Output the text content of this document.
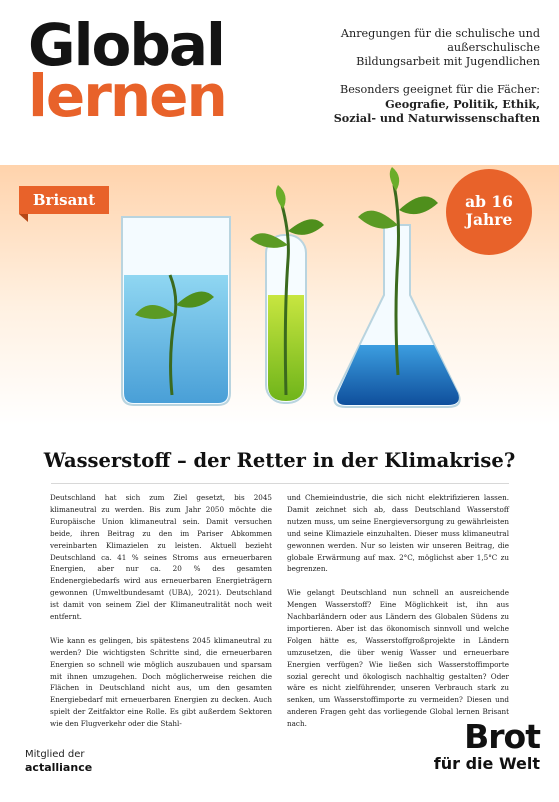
Global
lernen
Anregungen für die schulische und außerschulische
Bildungsarbeit mit Jugendlichen
Besonders geeignet für die Fächer:
Geografie, Politik, Ethik,
Sozial- und Naturwissenschaften
Brisant	ab 16
Jahre
Wasserstoff – der Retter in der Klimakrise?

Deutschland hat sich zum Ziel gesetzt, bis 2045 klimaneutral zu werden. Bis zum Jahr 2050 möchte die Europäische Union klimaneutral sein. Damit versuchen beide, ihren Beitrag zu den im Pariser Abkommen vereinbarten Klimazielen zu leisten. Aktuell bezieht Deutschland ca. 41 % seines Stroms aus erneuerbaren Energien, aber nur ca. 20 % des gesamten Endenergiebedarfs wird aus erneuerbaren Energieträgern gewonnen (Umweltbundesamt (UBA), 2021). Deutschland ist damit von seinem Ziel der Klimaneutralität noch weit entfernt.

Wie kann es gelingen, bis spätestens 2045 klimaneutral zu werden? Die wichtigsten Schritte sind, die erneuerbaren Energien so schnell wie möglich auszubauen und sparsam mit ihnen umzugehen. Doch möglicherweise reichen die Flächen in Deutschland nicht aus, um den gesamten Energiebedarf mit erneuerbaren Energien zu decken. Auch spielt der Zeitfaktor eine Rolle. Es gibt außerdem Sektoren wie den Flugverkehr oder die Stahl-

und Chemieindustrie, die sich nicht elektrifizieren lassen. Damit zeichnet sich ab, dass Deutschland Wasserstoff nutzen muss, um seine Energieversorgung zu gewährleisten und seine Klimaziele einzuhalten. Dieser muss klimaneutral gewonnen werden. Nur so leisten wir unseren Beitrag, die globale Erwärmung auf max. 2°C, möglichst aber 1,5°C zu begrenzen.

Wie gelangt Deutschland nun schnell an ausreichende Mengen Wasserstoff? Eine Möglichkeit ist, ihn aus Nachbarländern oder aus Ländern des Globalen Südens zu importieren. Aber ist das ökonomisch sinnvoll und welche Folgen hätte es, Wasserstoffgroßprojekte in Ländern umzusetzen, die über wenig Wasser und erneuerbare Energien verfügen? Wie ließen sich Wasserstoffimporte sozial gerecht und ökologisch nachhaltig gestalten? Oder wäre es nicht zielführender, unseren Verbrauch stark zu senken, um Wasserstoffimporte zu vermeiden? Diesen und anderen Fragen geht das vorliegende Global lernen Brisant nach.

Mitglied der
actalliance
Brot
für die Welt
